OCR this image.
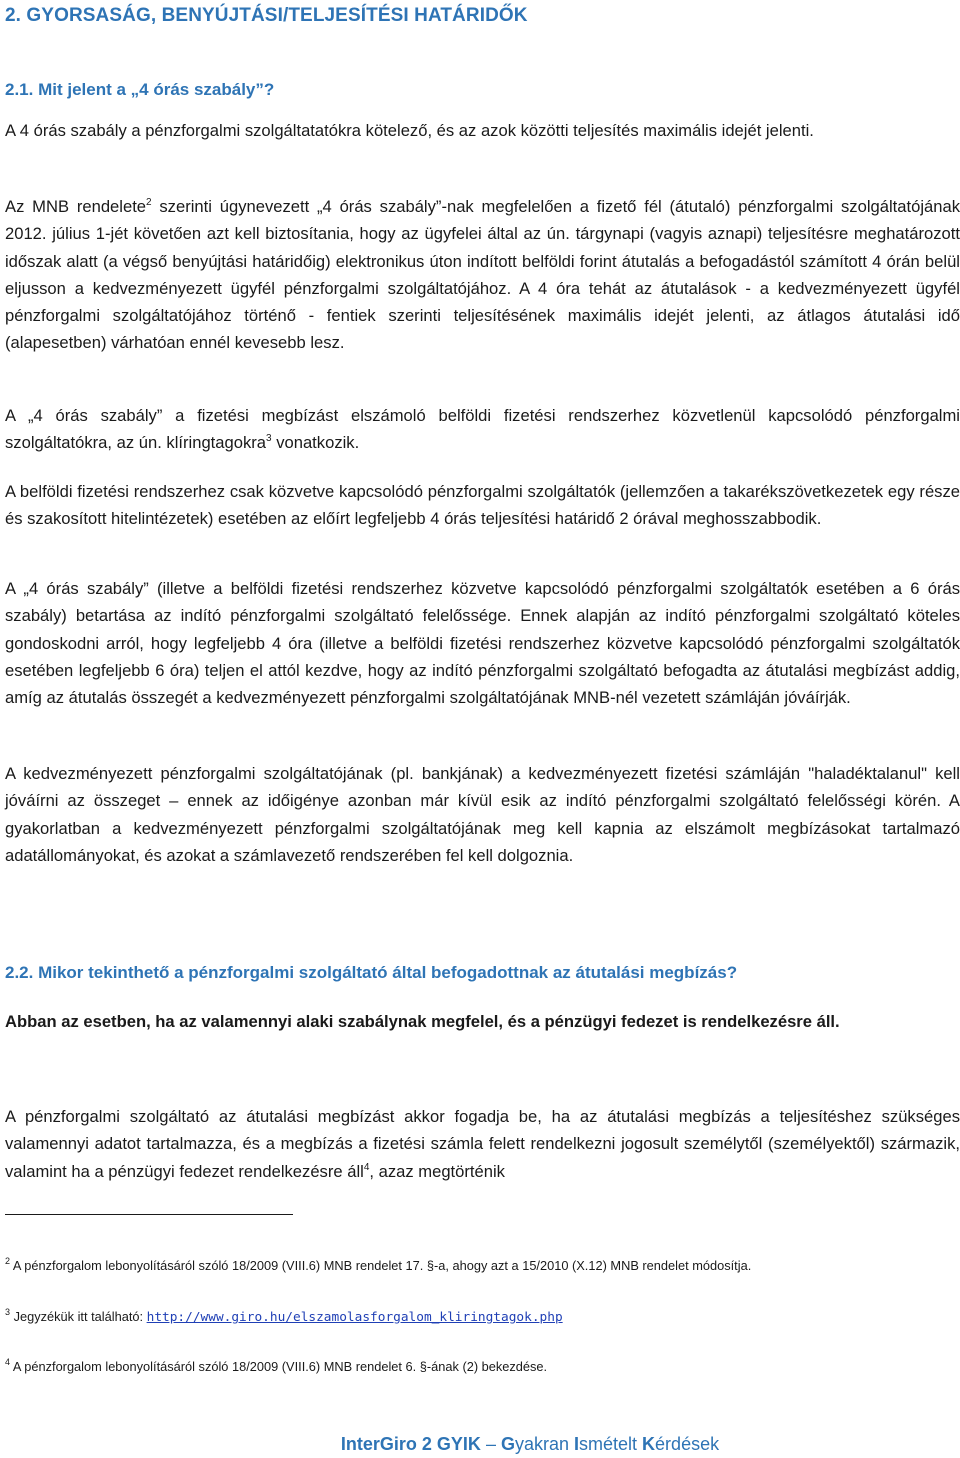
2. GYORSASÁG, BENYÚJTÁSI/TELJESÍTÉSI HATÁRIDŐK
2.1. Mit jelent a „4 órás szabály”?

A 4 órás szabály a pénzforgalmi szolgáltatatókra kötelező, és az azok közötti teljesítés maximális idejét jelenti.

Az MNB rendelete$^2$ szerinti úgynevezett „4 órás szabály”-nak megfelelően a fizető fél (átutaló) pénzforgalmi szolgáltatójának 2012. július 1-jét követően azt kell biztosítania, hogy az ügyfelei által az ún. tárgynapi (vagyis aznapi) teljesítésre meghatározott időszak alatt (a végső benyújtási határidőig) elektronikus úton indított belföldi forint átutalás a befogadástól számított 4 órán belül eljusson a kedvezményezett ügyfél pénzforgalmi szolgáltatójához. A 4 óra tehát az átutalások - a kedvezményezett ügyfél pénzforgalmi szolgáltatójához történő - fentiek szerinti teljesítésének maximális idejét jelenti, az átlagos átutalási idő (alapesetben) várhatóan ennél kevesebb lesz.

A „4 órás szabály” a fizetési megbízást elszámoló belföldi fizetési rendszerhez közvetlenül kapcsolódó pénzforgalmi szolgáltatókra, az ún. klíringtagokra$^3$ vonatkozik.

A belföldi fizetési rendszerhez csak közvetve kapcsolódó pénzforgalmi szolgáltatók (jellemzően a takarékszövetkezetek egy része és szakosított hitelintézetek) esetében az előírt legfeljebb 4 órás teljesítési határidő 2 órával meghosszabbodik.

A „4 órás szabály” (illetve a belföldi fizetési rendszerhez közvetve kapcsolódó pénzforgalmi szolgáltatók esetében a 6 órás szabály) betartása az indító pénzforgalmi szolgáltató felelőssége. Ennek alapján az indító pénzforgalmi szolgáltató köteles gondoskodni arról, hogy legfeljebb 4 óra (illetve a belföldi fizetési rendszerhez közvetve kapcsolódó pénzforgalmi szolgáltatók esetében legfeljebb 6 óra) teljen el attól kezdve, hogy az indító pénzforgalmi szolgáltató befogadta az átutalási megbízást addig, amíg az átutalás összegét a kedvezményezett pénzforgalmi szolgáltatójának MNB-nél vezetett számláján jóváírják.

A kedvezményezett pénzforgalmi szolgáltatójának (pl. bankjának) a kedvezményezett fizetési számláján "haladéktalanul" kell jóváírni az összeget – ennek az időigénye azonban már kívül esik az indító pénzforgalmi szolgáltató felelősségi körén. A gyakorlatban a kedvezményezett pénzforgalmi szolgáltatójának meg kell kapnia az elszámolt megbízásokat tartalmazó adatállományokat, és azokat a számlavezető rendszerében fel kell dolgoznia.

2.2. Mikor tekinthető a pénzforgalmi szolgáltató által befogadottnak az átutalási megbízás?

Abban az esetben, ha az valamennyi alaki szabálynak megfelel, és a pénzügyi fedezet is rendelkezésre áll.

A pénzforgalmi szolgáltató az átutalási megbízást akkor fogadja be, ha az átutalási megbízás a teljesítéshez szükséges valamennyi adatot tartalmazza, és a megbízás a fizetési számla felett rendelkezni jogosult személytől (személyektől) származik, valamint ha a pénzügyi fedezet rendelkezésre áll$^4$, azaz megtörténik

$^2$ A pénzforgalom lebonyolításáról szóló 18/2009 (VIII.6) MNB rendelet 17. §-a, ahogy azt a 15/2010 (X.12) MNB rendelet módosítja.
$^3$ Jegyzékük itt található: http://www.giro.hu/elszamolasforgalom_kliringtagok.php
$^4$ A pénzforgalom lebonyolításáról szóló 18/2009 (VIII.6) MNB rendelet 6. §-ának (2) bekezdése.
InterGiro 2 GYIK – Gyakran Ismételt Kérdések
